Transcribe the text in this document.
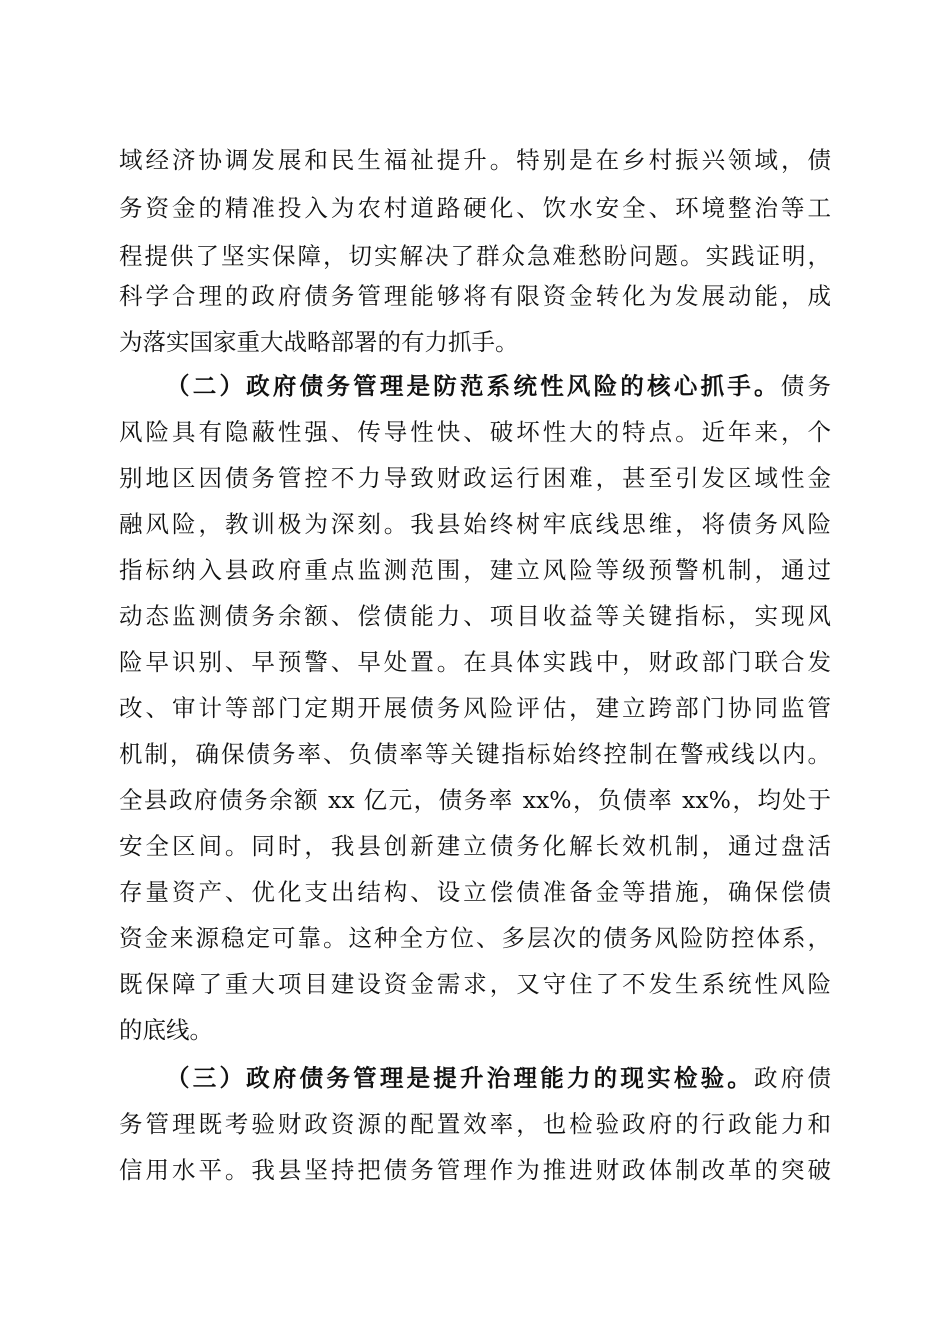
域经济协调发展和民生福祉提升。特别是在乡村振兴领域，债
务资金的精准投入为农村道路硬化、饮水安全、环境整治等工
程提供了坚实保障，切实解决了群众急难愁盼问题。实践证明，
科学合理的政府债务管理能够将有限资金转化为发展动能，成
为落实国家重大战略部署的有力抓手。
（二）政府债务管理是防范系统性风险的核心抓手。债务
风险具有隐蔽性强、传导性快、破坏性大的特点。近年来，个
别地区因债务管控不力导致财政运行困难，甚至引发区域性金
融风险，教训极为深刻。我县始终树牢底线思维，将债务风险
指标纳入县政府重点监测范围，建立风险等级预警机制，通过
动态监测债务余额、偿债能力、项目收益等关键指标，实现风
险早识别、早预警、早处置。在具体实践中，财政部门联合发
改、审计等部门定期开展债务风险评估，建立跨部门协同监管
机制，确保债务率、负债率等关键指标始终控制在警戒线以内。
全县政府债务余额 xx 亿元，债务率 xx%，负债率 xx%，均处于
安全区间。同时，我县创新建立债务化解长效机制，通过盘活
存量资产、优化支出结构、设立偿债准备金等措施，确保偿债
资金来源稳定可靠。这种全方位、多层次的债务风险防控体系，
既保障了重大项目建设资金需求，又守住了不发生系统性风险
的底线。
（三）政府债务管理是提升治理能力的现实检验。政府债
务管理既考验财政资源的配置效率，也检验政府的行政能力和
信用水平。我县坚持把债务管理作为推进财政体制改革的突破
